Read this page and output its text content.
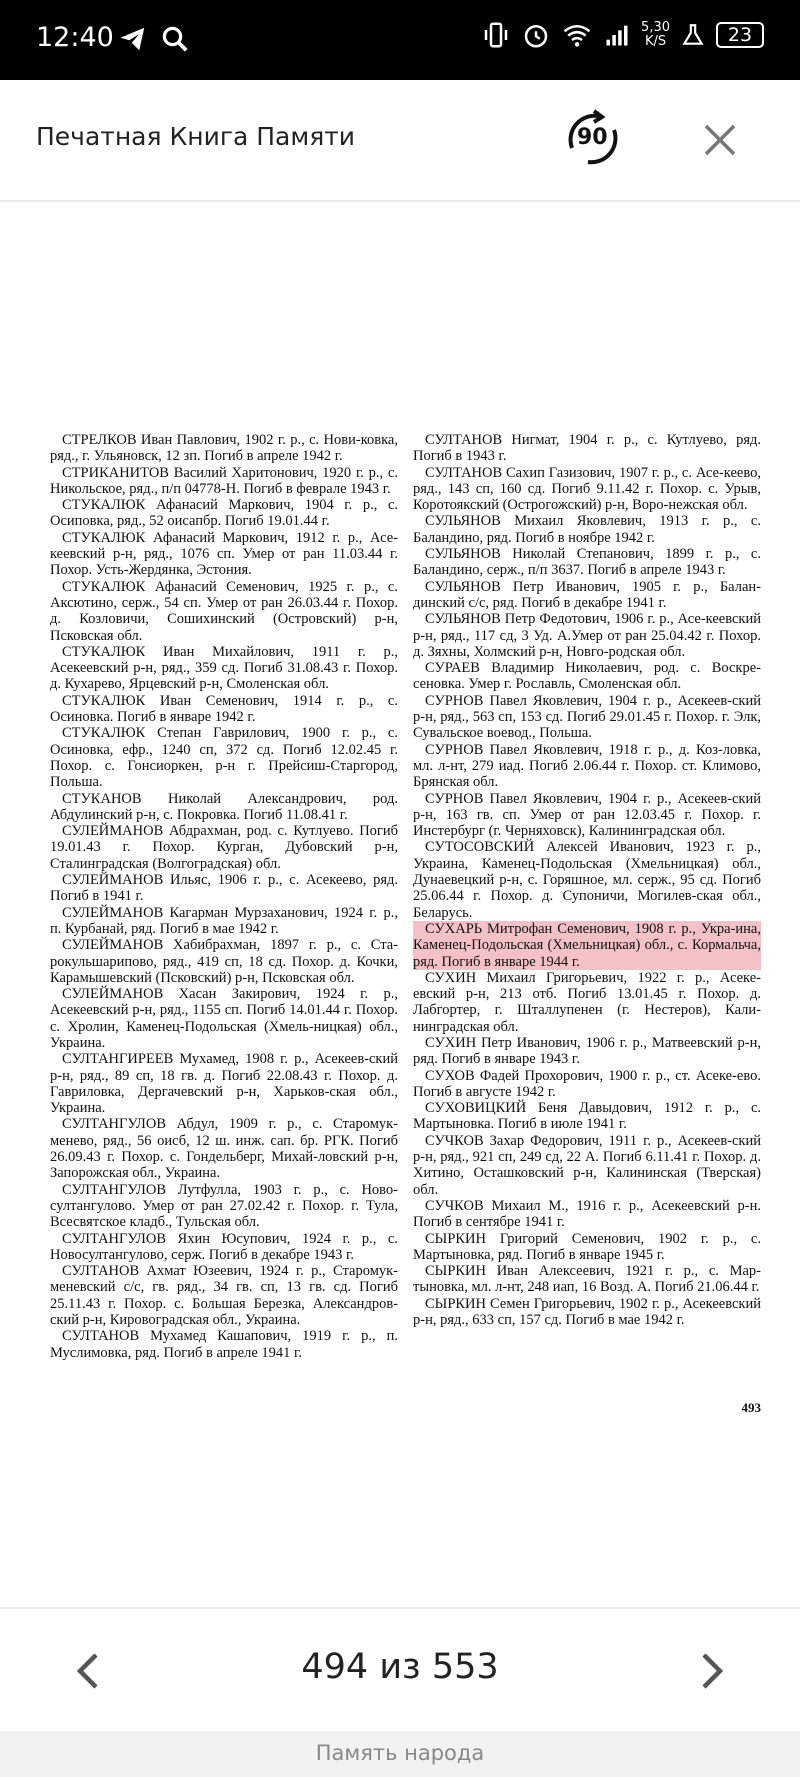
12:40	5,30
K/S	23
Печатная Книга Памяти	90
СТРЕЛКОВ Иван Павлович, 1902 г. р., с. Нови-ковка, ряд., г. Ульяновск, 12 зп. Погиб в апреле 1942 г.
СТРИКАНИТОВ Василий Харитонович, 1920 г. р., с. Никольское, ряд., п/п 04778-Н. Погиб в феврале 1943 г.
СТУКАЛЮК Афанасий Маркович, 1904 г. р., с. Осиповка, ряд., 52 оисапбр. Погиб 19.01.44 г.
СТУКАЛЮК Афанасий Маркович, 1912 г. р., Асе-кеевский р-н, ряд., 1076 сп. Умер от ран 11.03.44 г. Похор. Усть-Жердянка, Эстония.
СТУКАЛЮК Афанасий Семенович, 1925 г. р., с. Аксютино, серж., 54 сп. Умер от ран 26.03.44 г. Похор. д. Козловичи, Сошихинский (Островский) р-н, Псковская обл.
СТУКАЛЮК Иван Михайлович, 1911 г. р., Асекеевский р-н, ряд., 359 сд. Погиб 31.08.43 г. Похор. д. Кухарево, Ярцевский р-н, Смоленская обл.
СТУКАЛЮК Иван Семенович, 1914 г. р., с. Осиновка. Погиб в январе 1942 г.
СТУКАЛЮК Степан Гаврилович, 1900 г. р., с. Осиновка, ефр., 1240 сп, 372 сд. Погиб 12.02.45 г. Похор. с. Гонсиоркен, р-н г. Прейсиш-Старгород, Польша.
СТУКАНОВ Николай Александрович, род. Абдулинский р-н, с. Покровка. Погиб 11.08.41 г.
СУЛЕЙМАНОВ Абдрахман, род. с. Кутлуево. Погиб 19.01.43 г. Похор. Курган, Дубовский р-н, Сталинградская (Волгоградская) обл.
СУЛЕЙМАНОВ Ильяс, 1906 г. р., с. Асекеево, ряд. Погиб в 1941 г.
СУЛЕЙМАНОВ Кагарман Мурзаханович, 1924 г. р., п. Курбанай, ряд. Погиб в мае 1942 г.
СУЛЕЙМАНОВ Хабибрахман, 1897 г. р., с. Ста-рокульшарипово, ряд., 419 сп, 18 сд. Похор. д. Кочки, Карамышевский (Псковский) р-н, Псковская обл.
СУЛЕЙМАНОВ Хасан Закирович, 1924 г. р., Асекеевский р-н, ряд., 1155 сп. Погиб 14.01.44 г. Похор. с. Хролин, Каменец-Подольская (Хмель-ницкая) обл., Украина.
СУЛТАНГИРЕЕВ Мухамед, 1908 г. р., Асекеев-ский р-н, ряд., 89 сп, 18 гв. д. Погиб 22.08.43 г. Похор. д. Гавриловка, Дергачевский р-н, Харьков-ская обл., Украина.
СУЛТАНГУЛОВ Абдул, 1909 г. р., с. Старомук-менево, ряд., 56 оисб, 12 ш. инж. сап. бр. РГК. Погиб 26.09.43 г. Похор. с. Гондельберг, Михай-ловский р-н, Запорожская обл., Украина.
СУЛТАНГУЛОВ Лутфулла, 1903 г. р., с. Ново-султангулово. Умер от ран 27.02.42 г. Похор. г. Тула, Всесвятское кладб., Тульская обл.
СУЛТАНГУЛОВ Яхин Юсупович, 1924 г. р., с. Новосултангулово, серж. Погиб в декабре 1943 г.
СУЛТАНОВ Ахмат Юзеевич, 1924 г. р., Старомук-меневский с/с, гв. ряд., 34 гв. сп, 13 гв. сд. Погиб 25.11.43 г. Похор. с. Большая Березка, Александров-ский р-н, Кировоградская обл., Украина.
СУЛТАНОВ Мухамед Кашапович, 1919 г. р., п. Муслимовка, ряд. Погиб в апреле 1941 г.
СУЛТАНОВ Нигмат, 1904 г. р., с. Кутлуево, ряд. Погиб в 1943 г.
СУЛТАНОВ Сахип Газизович, 1907 г. р., с. Асе-кеево, ряд., 143 сп, 160 сд. Погиб 9.11.42 г. Похор. с. Урыв, Коротоякский (Острогожский) р-н, Воро-нежская обл.
СУЛЬЯНОВ Михаил Яковлевич, 1913 г. р., с. Баландино, ряд. Погиб в ноябре 1942 г.
СУЛЬЯНОВ Николай Степанович, 1899 г. р., с. Баландино, серж., п/п 3637. Погиб в апреле 1943 г.
СУЛЬЯНОВ Петр Иванович, 1905 г. р., Балан-динский с/с, ряд. Погиб в декабре 1941 г.
СУЛЬЯНОВ Петр Федотович, 1906 г. р., Асе-кеевский р-н, ряд., 117 сд, 3 Уд. А.Умер от ран 25.04.42 г. Похор. д. Зяхны, Холмский р-н, Новго-родская обл.
СУРАЕВ Владимир Николаевич, род. с. Воскре-сеновка. Умер г. Рославль, Смоленская обл.
СУРНОВ Павел Яковлевич, 1904 г. р., Асекеев-ский р-н, ряд., 563 сп, 153 сд. Погиб 29.01.45 г. Похор. г. Элк, Сувальское воевод., Польша.
СУРНОВ Павел Яковлевич, 1918 г. р., д. Коз-ловка, мл. л-нт, 279 иад. Погиб 2.06.44 г. Похор. ст. Климово, Брянская обл.
СУРНОВ Павел Яковлевич, 1904 г. р., Асекеев-ский р-н, 163 гв. сп. Умер от ран 12.03.45 г. Похор. г. Инстербург (г. Черняховск), Калининградская обл.
СУТОСОВСКИЙ Алексей Иванович, 1923 г. р., Украина, Каменец-Подольская (Хмельницкая) обл., Дунаевецкий р-н, с. Горяшное, мл. серж., 95 сд. Погиб 25.06.44 г. Похор. д. Супоничи, Могилев-ская обл., Беларусь.
СУХАРЬ Митрофан Семенович, 1908 г. р., Укра-ина, Каменец-Подольская (Хмельницкая) обл., с. Кормальча, ряд. Погиб в январе 1944 г.
СУХИН Михаил Григорьевич, 1922 г. р., Асеке-евский р-н, 213 отб. Погиб 13.01.45 г. Похор. д. Лабгортер, г. Шталлупенен (г. Нестеров), Кали-нинградская обл.
СУХИН Петр Иванович, 1906 г. р., Матвеевский р-н, ряд. Погиб в январе 1943 г.
СУХОВ Фадей Прохорович, 1900 г. р., ст. Асеке-ево. Погиб в августе 1942 г.
СУХОВИЦКИЙ Беня Давыдович, 1912 г. р., с. Мартыновка. Погиб в июле 1941 г.
СУЧКОВ Захар Федорович, 1911 г. р., Асекеев-ский р-н, ряд., 921 сп, 249 сд, 22 А. Погиб 6.11.41 г. Похор. д. Хитино, Осташковский р-н, Калининская (Тверская) обл.
СУЧКОВ Михаил М., 1916 г. р., Асекеевский р-н. Погиб в сентябре 1941 г.
СЫРКИН Григорий Семенович, 1902 г. р., с. Мартыновка, ряд. Погиб в январе 1945 г.
СЫРКИН Иван Алексеевич, 1921 г. р., с. Мар-тыновка, мл. л-нт, 248 иап, 16 Возд. А. Погиб 21.06.44 г.
СЫРКИН Семен Григорьевич, 1902 г. р., Асекеевский р-н, ряд., 633 сп, 157 сд. Погиб в мае 1942 г.
493
494 из 553
Память народа
